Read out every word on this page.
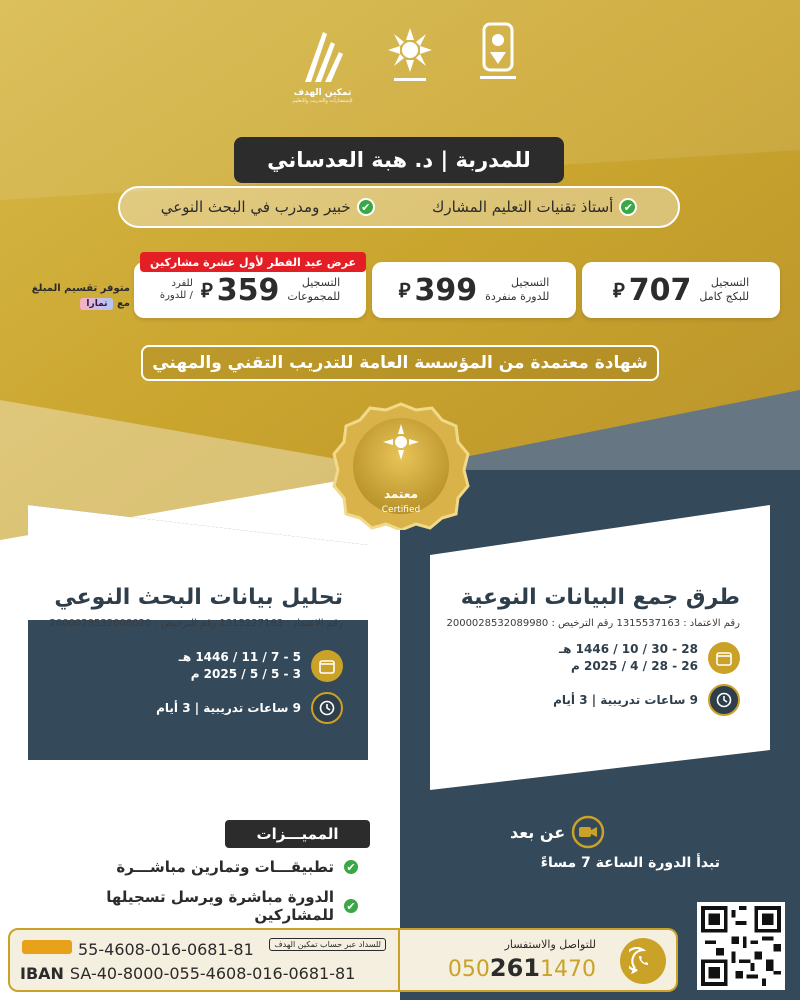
تمكين الهدف
لإستشارات والتدريب والتعليم
للمدربة | د. هبة العدساني
✔
أستاذ تقنيات التعليم المشارك
✔
خبير ومدرب في البحث النوعي
التسجيل
للبكج كامل
⃁ 707
التسجيل
للدورة منفردة
⃁ 399
التسجيل
للمجموعات
⃁ 359
للفرد
/ للدورة
عرض عيد الفطر لأول عشرة مشاركين
متوفر تقسيم المبلغ
مع تمارا
شهادة معتمدة من المؤسسة العامة للتدريب التقني والمهني
معتمد
Certified
طرق جمع البيانات النوعية
رقم الاعتماد : 1315537163 رقم الترخيص : 2000028532089980
28 - 30 / 10 / 1446 هـ
26 - 28 / 4 / 2025 م
9 ساعات تدريبية | 3 أيام
تحليل بيانات البحث النوعي
رقم الاعتماد : 1315227163 رقم الترخيص : 2000028532008020
5 - 7 / 11 / 1446 هـ
3 - 5 / 5 / 2025 م
9 ساعات تدريبية | 3 أيام
المميـــزات
✔
تطبيقـــات وتمارين مباشـــرة
✔
الدورة مباشرة ويرسل تسجيلها للمشاركين
عن بعد
تبدأ الدورة الساعة 7 مساءً
للسداد عبر حساب تمكين الهدف
55-4608-016-0681-81
IBAN SA-40-8000-055-4608-016-0681-81
للتواصل والاستفسار
0502611470
